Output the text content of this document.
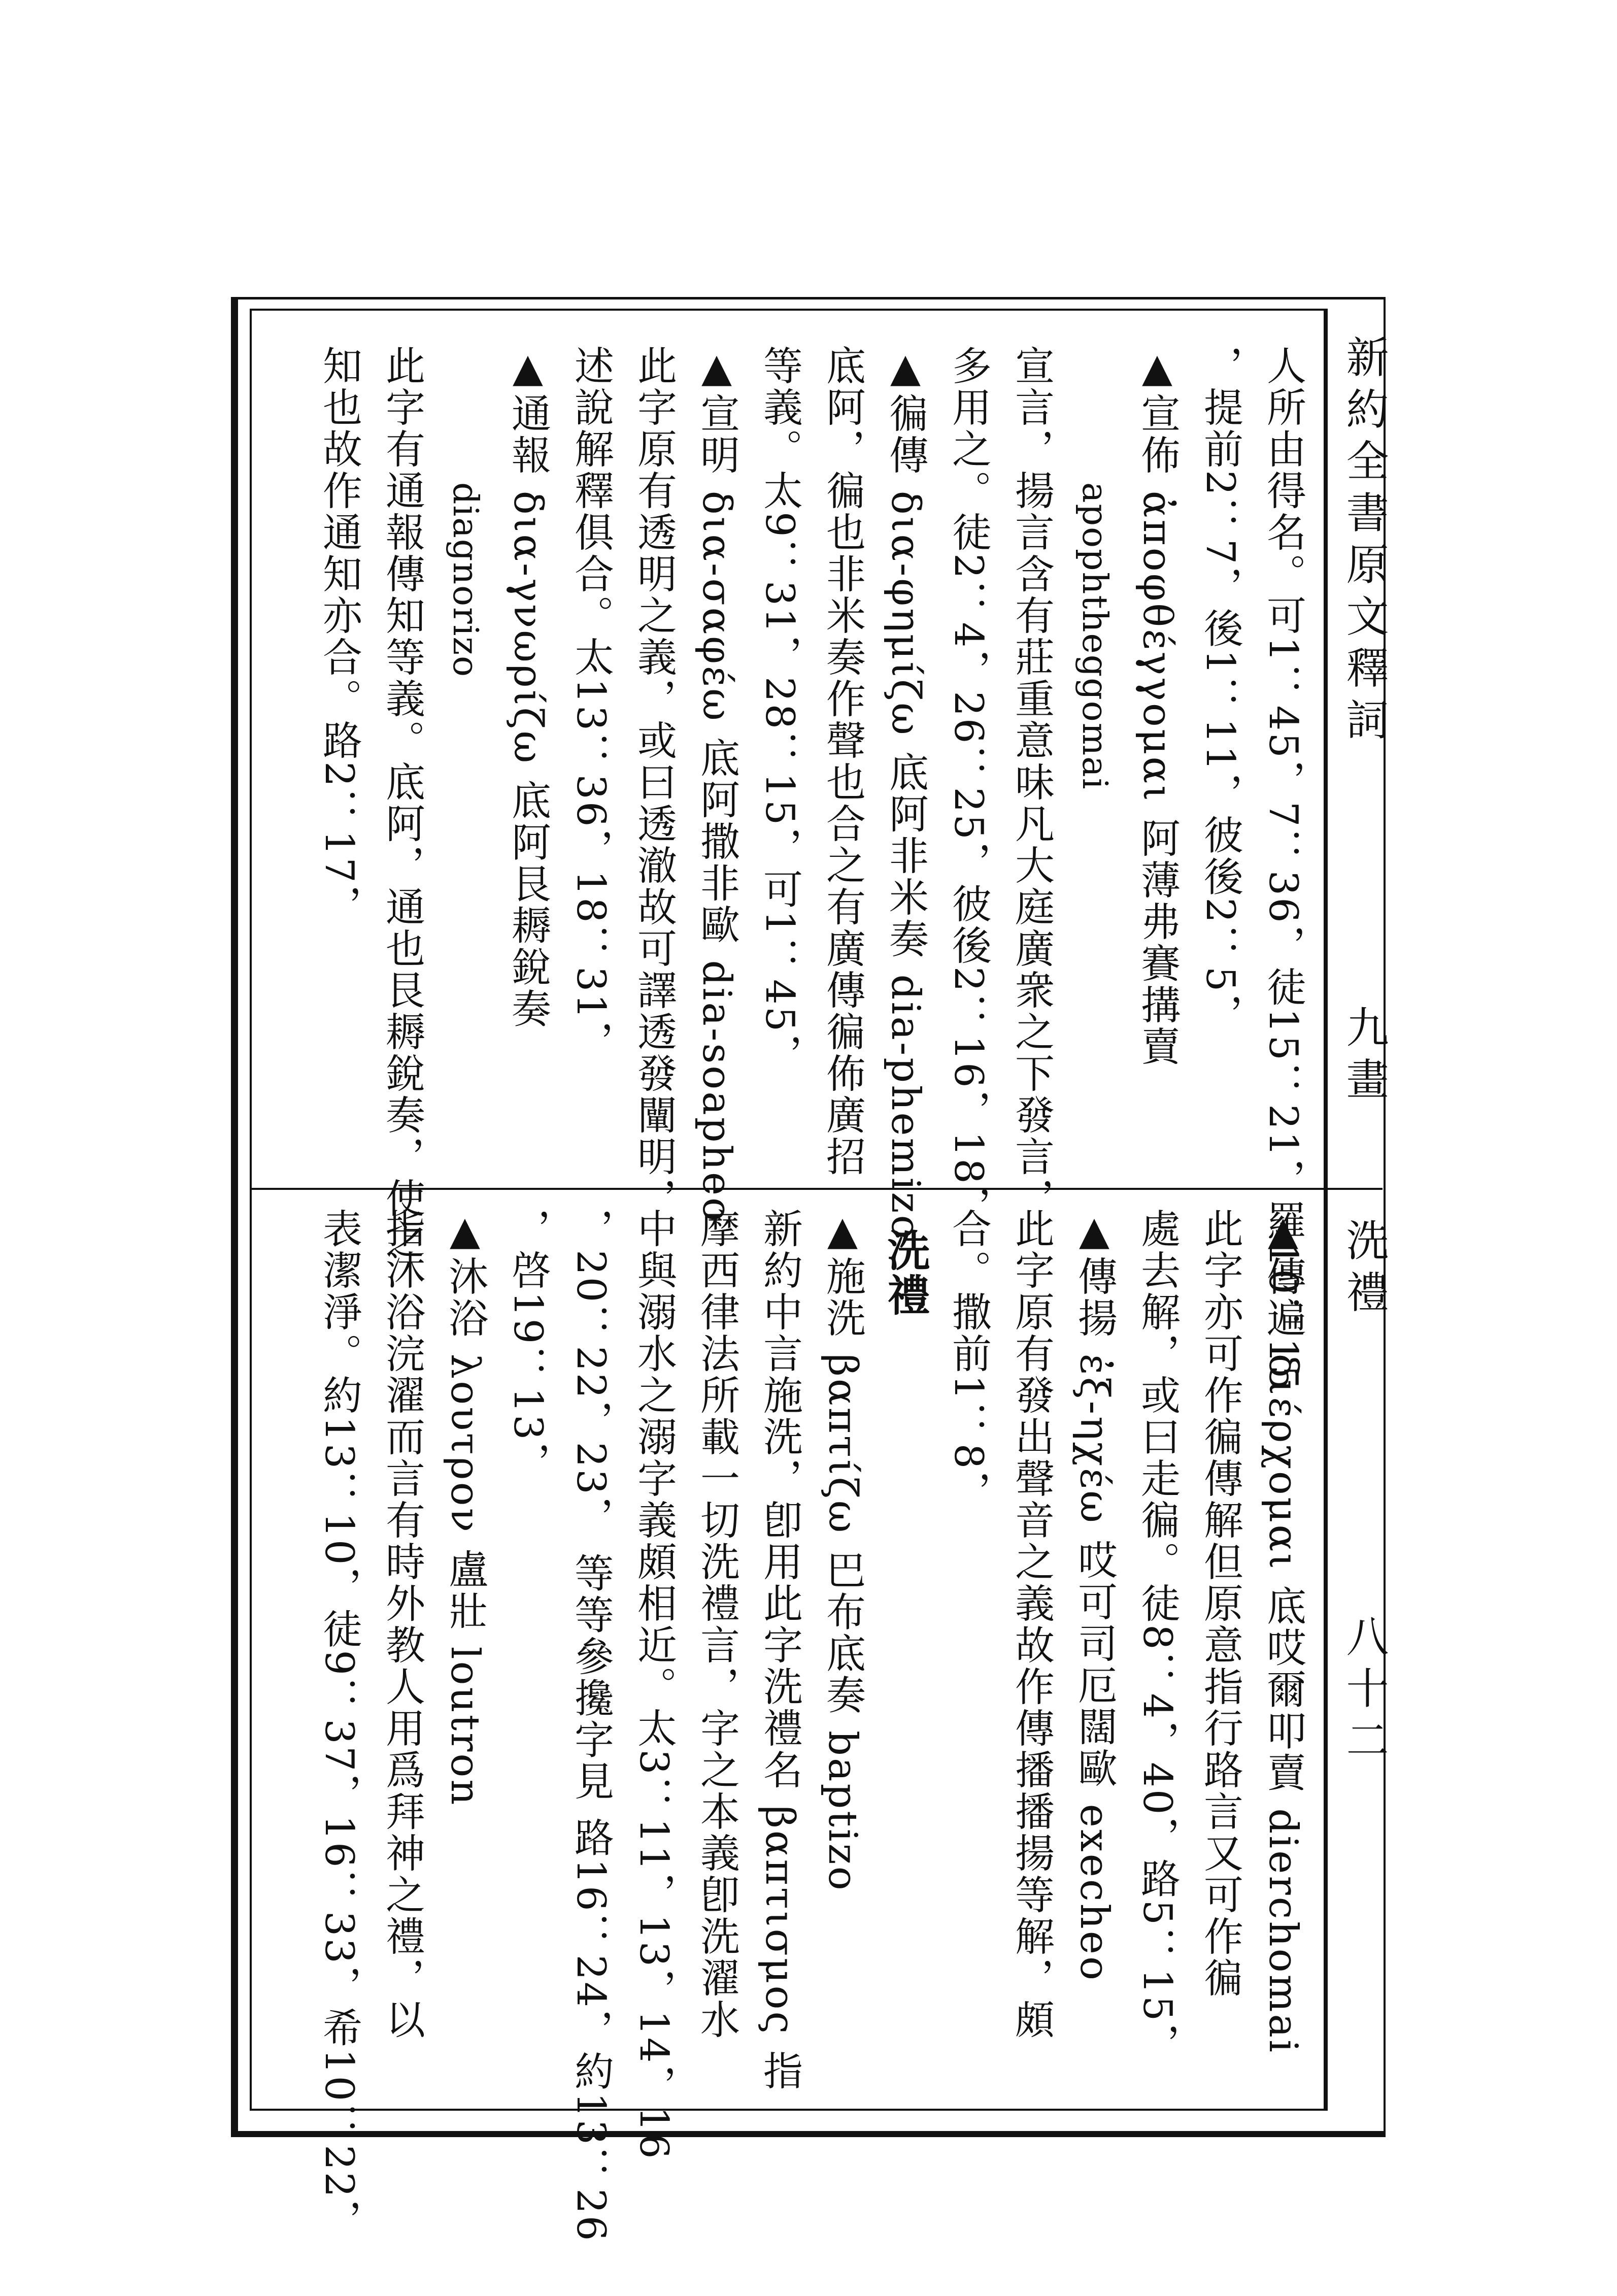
新約全書原文釋詞
九畫
洗禮
八十二
人所由得名。可1：45，7：36，徒15：21，羅10：15
，提前2：7，後1：11，彼後2：5，
▲宣佈 ἀποφθέγγομαι 阿薄弗賽搆賣
apophtheggomai
宣言，揚言含有莊重意味凡大庭廣衆之下發言，
多用之。徒2：4，26：25，彼後2：16，18，
▲徧傳 δια-φημίζω 底阿非米奏 dia-phemizo
底阿，徧也非米奏作聲也合之有廣傳徧佈廣招
等義。太9：31，28：15，可1：45，
▲宣明 δια-σαφέω 底阿撒非歐 dia-soapheo
此字原有透明之義，或曰透澈故可譯透發闡明，
述說解釋俱合。太13：36，18：31，
▲通報 δια-γνωρίζω 底阿艮耨銳奏
diagnorizo
此字有通報傳知等義。底阿，通也艮耨銳奏，使之
知也故作通知亦合。路2：17，
▲傳遍 διέρχομαι 底哎爾叩賣 dierchomai
此字亦可作徧傳解但原意指行路言又可作徧
處去解，或曰走徧。徒8：4，40，路5：15，
▲傳揚 ἐξ-ηχέω 哎可司厄闊歐 execheo
此字原有發出聲音之義故作傳播播揚等解，頗
合。撒前1：8，
洗禮
▲施洗 βαπτίζω 巴布底奏 baptizo
新約中言施洗，卽用此字洗禮名 βαπτισμος 指
摩西律法所載一切洗禮言，字之本義卽洗濯水
中與溺水之溺字義頗相近。太3：11，13，14，16
，20：22，23， 等等參攙字見 路16：24，約13：26
，啓19：13，
▲沐浴 λουτρον 盧壯 loutron
指沐浴浣濯而言有時外教人用爲拜神之禮，以
表潔淨。約13：10，徒9：37，16：33，希10：22，
